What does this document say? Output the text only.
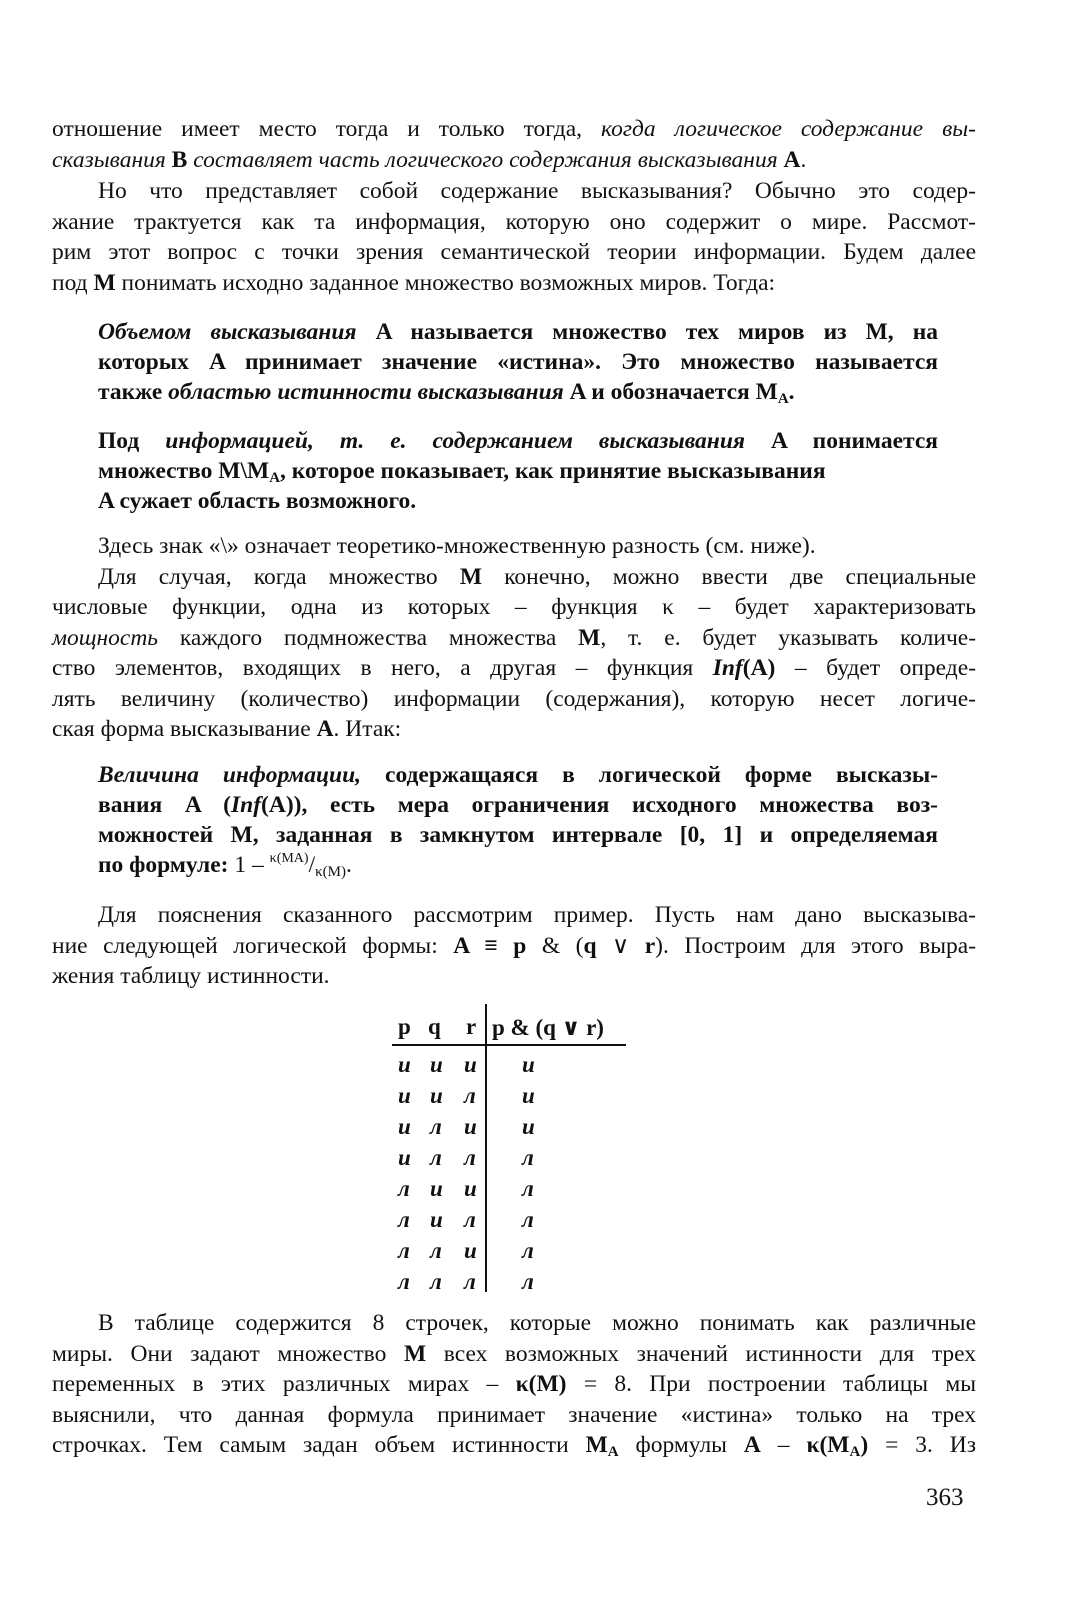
отношение имеет место тогда и только тогда, когда логическое содержание вы-
сказывания B составляет часть логического содержания высказывания A.
Но что представляет собой содержание высказывания? Обычно это содер-
жание трактуется как та информация, которую оно содержит о мире. Рассмот-
рим этот вопрос с точки зрения семантической теории информации. Будем далее
под M понимать исходно заданное множество возможных миров. Тогда:
Объемом высказывания A называется множество тех миров из M, на
которых A принимает значение «истина». Это множество называется
также областью истинности высказывания A и обозначается $M_A$.
Под информацией, т. е. содержанием высказывания A понимается
множество $M\backslash M_A$, которое показывает, как принятие высказывания
A сужает область возможного.
Здесь знак «\» означает теоретико-множественную разность (см. ниже).
Для случая, когда множество M конечно, можно ввести две специальные
числовые функции, одна из которых – функция κ – будет характеризовать
мощность каждого подмножества множества M, т. е. будет указывать количе-
ство элементов, входящих в него, а другая – функция Inf(A) – будет опреде-
лять величину (количество) информации (содержания), которую несет логиче-
ская форма высказывание A. Итак:
Величина информации, содержащаяся в логической форме высказы-
вания A (Inf(A)), есть мера ограничения исходного множества воз-
можностей M, заданная в замкнутом интервале [0, 1] и определяемая
по формуле: $1 - ^{\kappa(MA)}/_{\kappa(M)}$.
Для пояснения сказанного рассмотрим пример. Пусть нам дано высказыва-
ние следующей логической формы: A ≡ p & (q ∨ r). Построим для этого выра-
жения таблицу истинности.
p q r p & (q ∨ r)
и и и и
и и л и
и л и и
и л л л
л и и л
л и л л
л л и л
л л л л
В таблице содержится 8 строчек, которые можно понимать как различные
миры. Они задают множество M всех возможных значений истинности для трех
переменных в этих различных мирах – κ(M) = 8. При построении таблицы мы
выяснили, что данная формула принимает значение «истина» только на трех
строчках. Тем самым задан объем истинности $M_A$ формулы $A - \kappa(M_A) = 3$. Из
363
